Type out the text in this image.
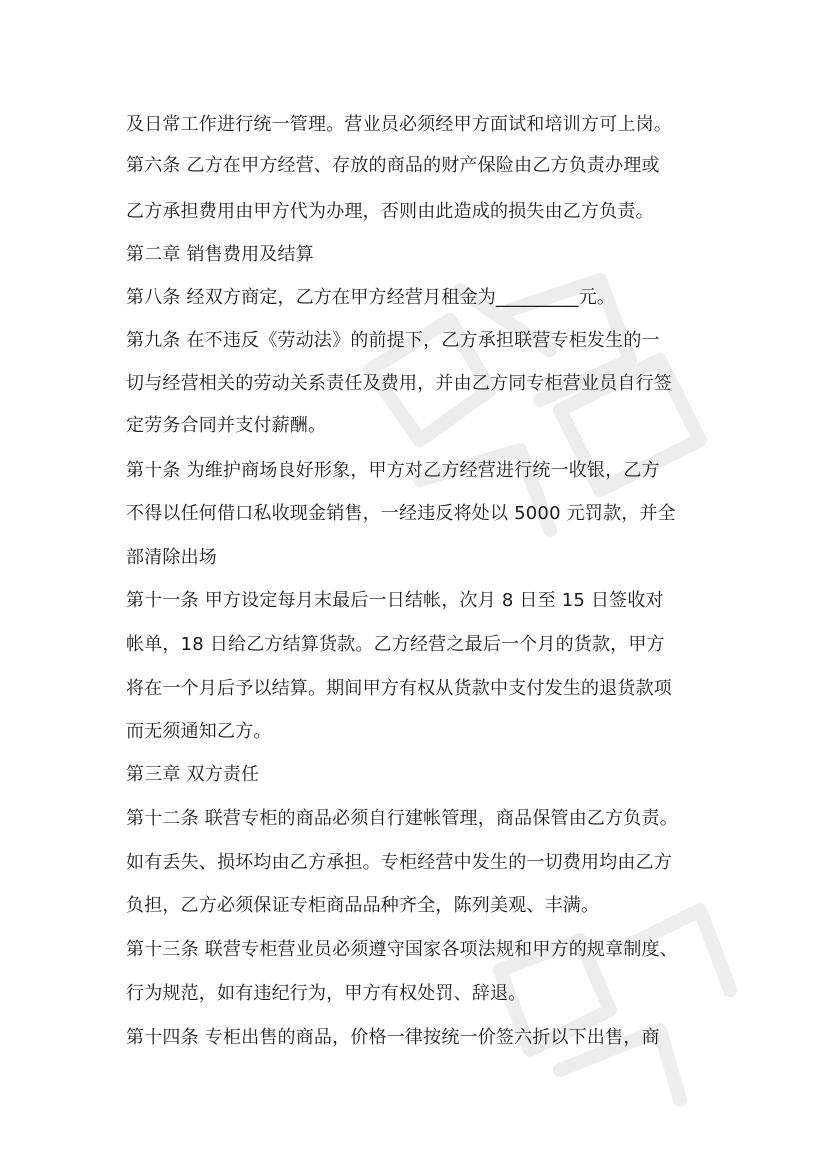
及日常工作进行统一管理。营业员必须经甲方面试和培训方可上岗。
第六条 乙方在甲方经营、存放的商品的财产保险由乙方负责办理或
乙方承担费用由甲方代为办理，否则由此造成的损失由乙方负责。
第二章 销售费用及结算
第八条 经双方商定，乙方在甲方经营月租金为_________元。
第九条 在不违反《劳动法》的前提下，乙方承担联营专柜发生的一
切与经营相关的劳动关系责任及费用，并由乙方同专柜营业员自行签
定劳务合同并支付薪酬。
第十条 为维护商场良好形象，甲方对乙方经营进行统一收银，乙方
不得以任何借口私收现金销售，一经违反将处以 5000 元罚款，并全
部清除出场
第十一条 甲方设定每月末最后一日结帐，次月 8 日至 15 日签收对
帐单，18 日给乙方结算货款。乙方经营之最后一个月的货款，甲方
将在一个月后予以结算。期间甲方有权从货款中支付发生的退货款项
而无须通知乙方。
第三章 双方责任
第十二条 联营专柜的商品必须自行建帐管理，商品保管由乙方负责。
如有丢失、损坏均由乙方承担。专柜经营中发生的一切费用均由乙方
负担，乙方必须保证专柜商品品种齐全，陈列美观、丰满。
第十三条 联营专柜营业员必须遵守国家各项法规和甲方的规章制度、
行为规范，如有违纪行为，甲方有权处罚、辞退。
第十四条 专柜出售的商品，价格一律按统一价签六折以下出售，商
